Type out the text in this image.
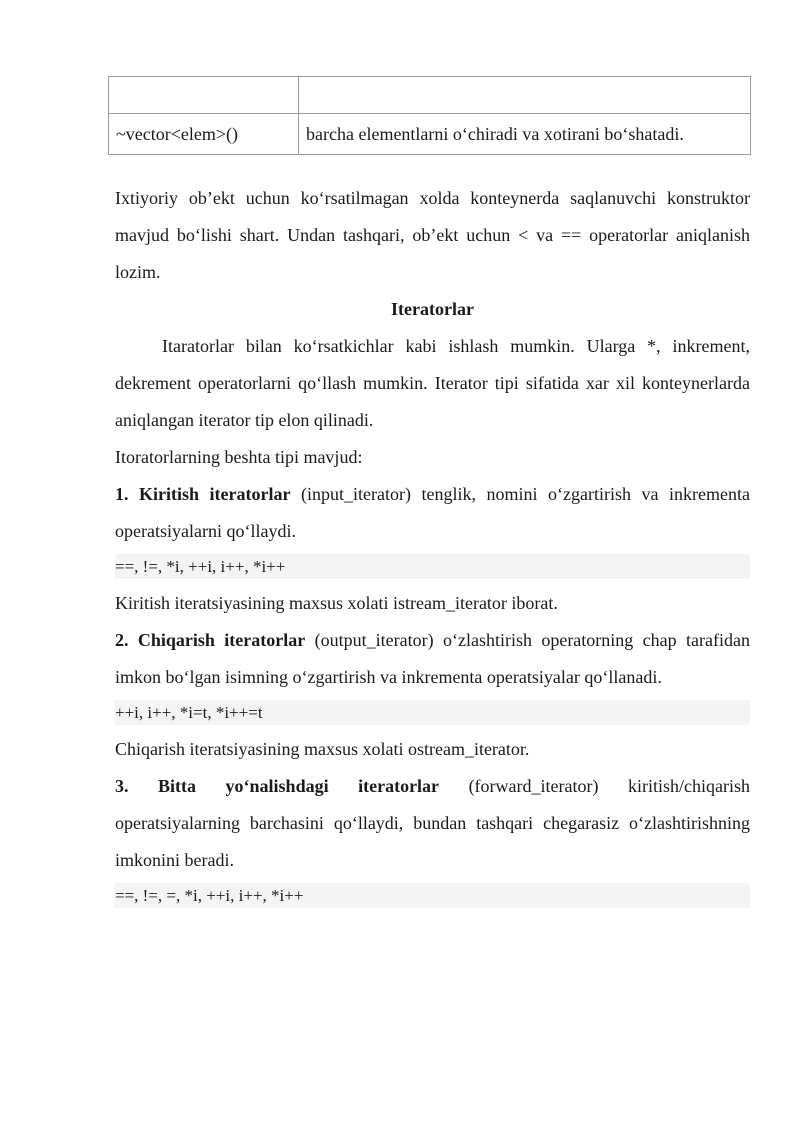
~vector<elem>()	barcha elementlarni o‘chiradi va xotirani bo‘shatadi.

Ixtiyoriy ob’ekt uchun ko‘rsatilmagan xolda konteynerda saqlanuvchi konstruktor mavjud bo‘lishi shart. Undan tashqari, ob’ekt uchun < va == operatorlar aniqlanish lozim.

Iteratorlar

Itaratorlar bilan ko‘rsatkichlar kabi ishlash mumkin. Ularga *, inkrement, dekrement operatorlarni qo‘llash mumkin. Iterator tipi sifatida xar xil konteynerlarda aniqlangan iterator tip elon qilinadi.

Itoratorlarning beshta tipi mavjud:

1. Kiritish iteratorlar (input_iterator) tenglik, nomini o‘zgartirish va inkrementa operatsiyalarni qo‘llaydi.

==, !=, *i, ++i, i++, *i++

Kiritish iteratsiyasining maxsus xolati istream_iterator iborat.

2. Chiqarish iteratorlar (output_iterator) o‘zlashtirish operatorning chap tarafidan imkon bo‘lgan isimning o‘zgartirish va inkrementa operatsiyalar qo‘llanadi.

++i, i++, *i=t, *i++=t

Chiqarish iteratsiyasining maxsus xolati ostream_iterator.

3. Bitta yo‘nalishdagi iteratorlar (forward_iterator) kiritish/chiqarish operatsiyalarning barchasini qo‘llaydi, bundan tashqari chegarasiz o‘zlashtirishning imkonini beradi.

==, !=, =, *i, ++i, i++, *i++
